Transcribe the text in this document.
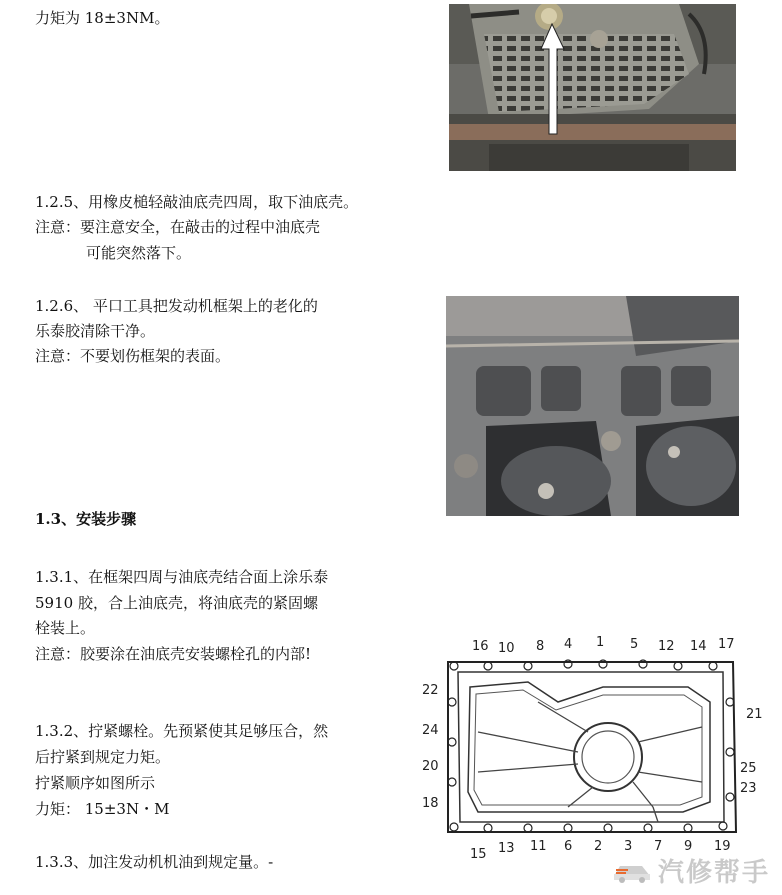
力矩为 18±3NM。
1.2.5、用橡皮槌轻敲油底壳四周，取下油底壳。
注意：要注意安全，在敲击的过程中油底壳
可能突然落下。
1.2.6、 平口工具把发动机框架上的老化的
乐泰胶清除干净。
注意：不要划伤框架的表面。
1.3、安装步骤
1.3.1、在框架四周与油底壳结合面上涂乐泰
5910 胶，合上油底壳，将油底壳的紧固螺
栓装上。
注意：胶要涂在油底壳安装螺栓孔的内部!
1.3.2、拧紧螺栓。先预紧使其足够压合，然
后拧紧到规定力矩。
拧紧顺序如图所示
力矩： 15±3N・M
1.3.3、加注发动机机油到规定量。-
16 10 8 4 1 5 12 14 17
22
24
20
18
21
25
23
15 13 11 6 2 3 7 9 19
汽修帮手
